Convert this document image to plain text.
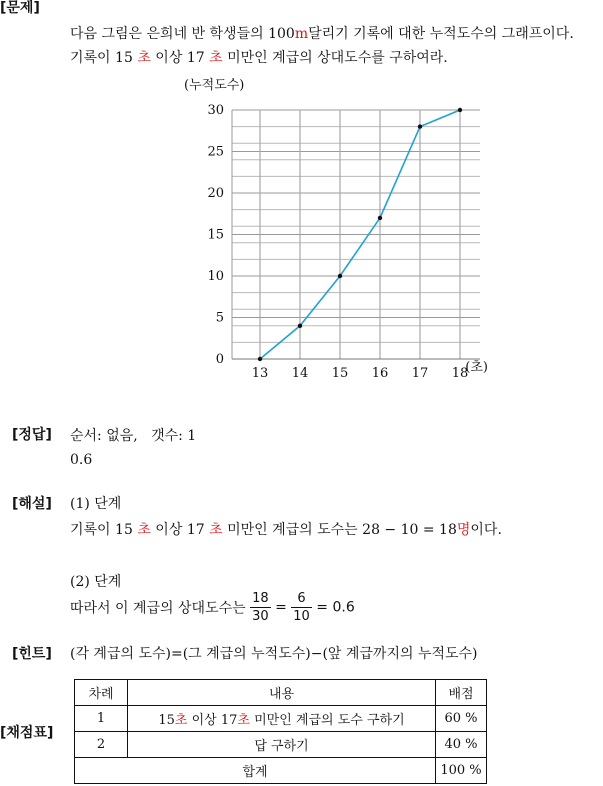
[문제]
다음 그림은 은희네 반 학생들의 100m달리기 기록에 대한 누적도수의 그래프이다.
기록이 15 초 이상 17 초 미만인 계급의 상대도수를 구하여라.
0
5
10
15
20
25
30
13 14 15 16 17 18
(누적도수)
(초)
[정답] 순서: 없음, 갯수: 1
0.6
[해설] (1) 단계
기록이 15 초 이상 17 초 미만인 계급의 도수는 28 − 10 = 18명이다.
(2) 단계
따라서 이 계급의 상대도수는 $\frac{18}{30} = \frac{6}{10} = 0.6$
[힌트] (각 계급의 도수)=(그 계급의 누적도수)−(앞 계급까지의 누적도수)
[채점표]
차례	내용	배점
1	15초 이상 17초 미만인 계급의 도수 구하기	60 %
2	답 구하기	40 %
합계		100 %
